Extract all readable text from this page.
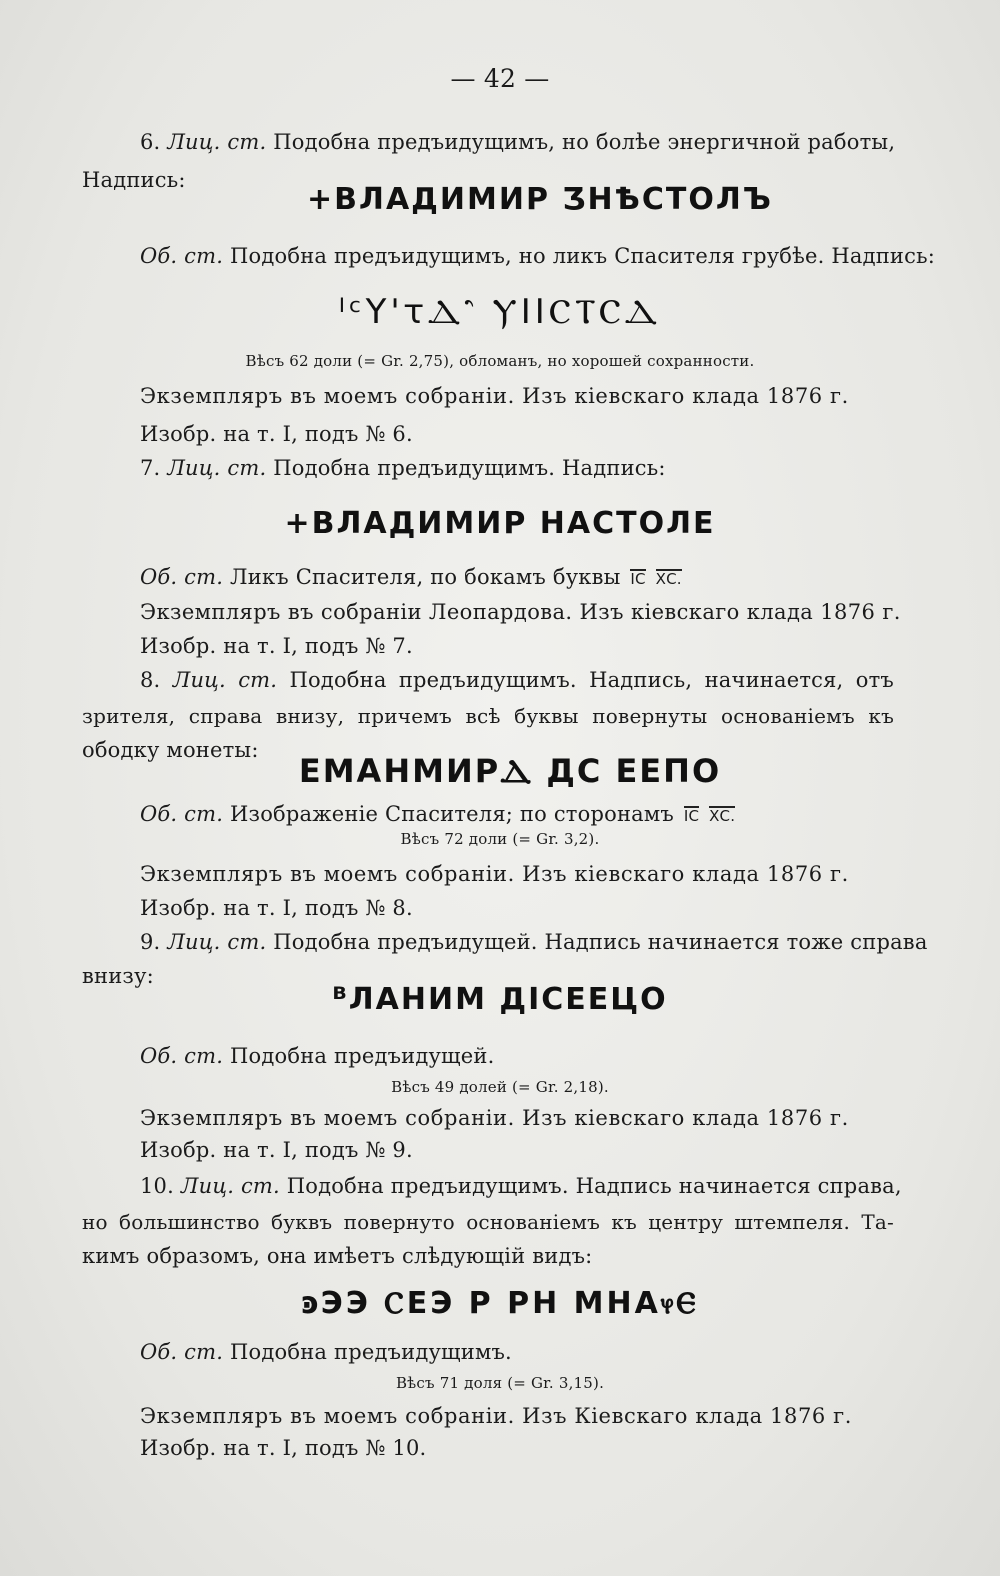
— 42 —
6. Лиц. ст. Подобна предъидущимъ, но болѣе энергичной работы,
Надпись:
+BЛАДИМИР ӠНѢСТОЛЪ
Об. ст. Подобна предъидущимъ, но ликъ Спасителя грубѣе. Надпись:
ᴵᶜY'ꚍⲆ⳿ ⲨIIⲤⲦⲤⲆ
Вѣсъ 62 доли (= Gr. 2,75), обломанъ, но хорошей сохранности.
Экземпляръ въ моемъ собраніи. Изъ кіевскаго клада 1876 г.
Изобр. на т. I, подъ № 6.
7. Лиц. ст. Подобна предъидущимъ. Надпись:
+ВЛАДИМИР НАСТОЛЕ
Об. ст. Ликъ Спасителя, по бокамъ буквы IC ХС.
Экземпляръ въ собраніи Леопардова. Изъ кіевскаго клада 1876 г.
Изобр. на т. I, подъ № 7.
8. Лиц. ст. Подобна предъидущимъ. Надпись, начинается, отъ
зрителя, справа внизу, причемъ всѣ буквы повернуты основаніемъ къ
ободку монеты:
ЕМАНМИРⲆ ДС ЕЕПО
Об. ст. Изображеніе Спасителя; по сторонамъ ІС ХС.
Вѣсъ 72 доли (= Gr. 3,2).
Экземпляръ въ моемъ собраніи. Изъ кіевскаго клада 1876 г.
Изобр. на т. I, подъ № 8.
9. Лиц. ст. Подобна предъидущей. Надпись начинается тоже справа
внизу:
ᴮЛАНИМ ДІСЕЕЦО
Об. ст. Подобна предъидущей.
Вѣсъ 49 долей (= Gr. 2,18).
Экземпляръ въ моемъ собраніи. Изъ кіевскаго клада 1876 г.
Изобр. на т. I, подъ № 9.
10. Лиц. ст. Подобна предъидущимъ. Надпись начинается справа,
но большинство буквъ повернуто основаніемъ къ центру штемпеля. Та-
кимъ образомъ, она имѣетъ слѣдующій видъ:
ꜿЭЭ ⲤЕЭ Р РН МНАⳡⲈ
Об. ст. Подобна предъидущимъ.
Вѣсъ 71 доля (= Gr. 3,15).
Экземпляръ въ моемъ собраніи. Изъ Кіевскаго клада 1876 г.
Изобр. на т. I, подъ № 10.
